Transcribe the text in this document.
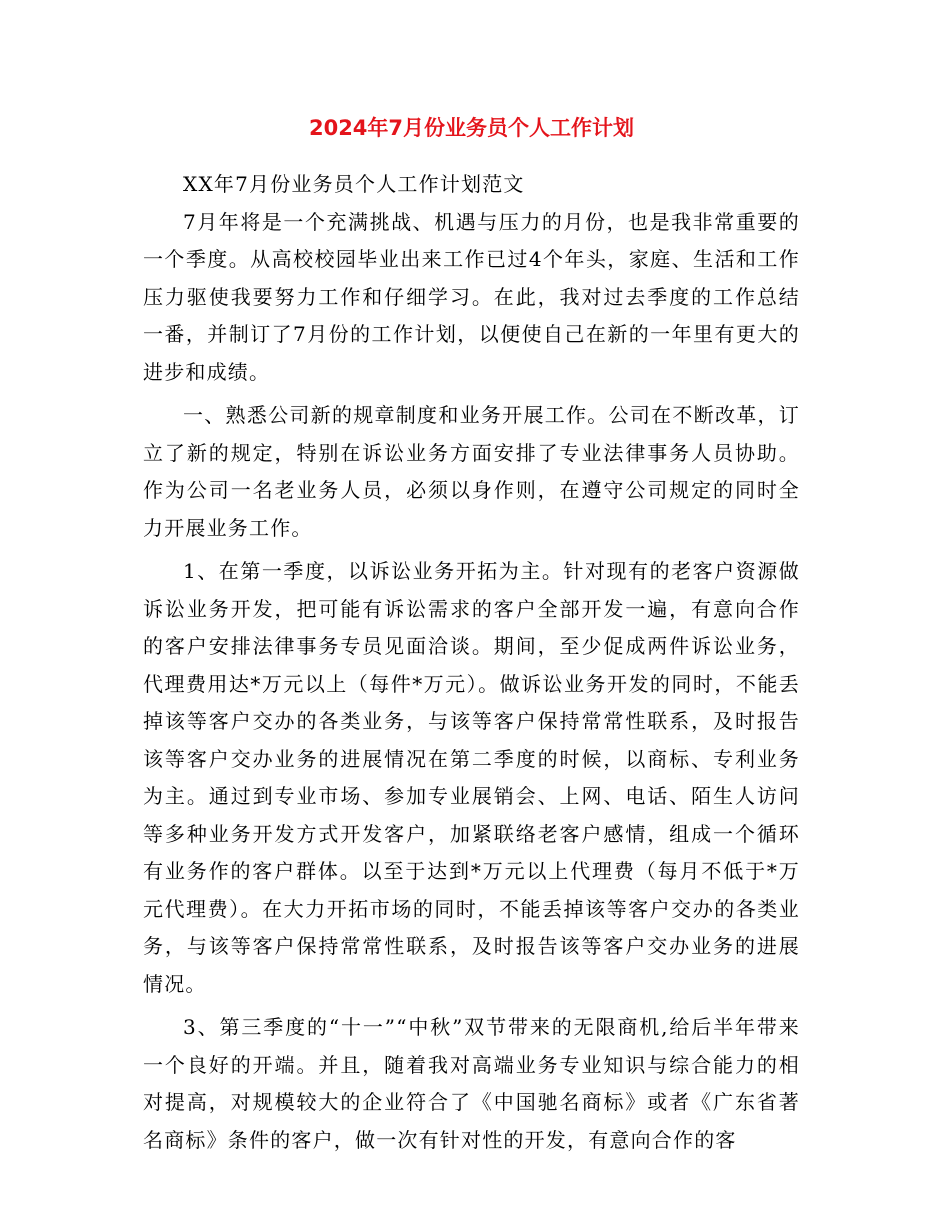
2024年7月份业务员个人工作计划

XX年7月份业务员个人工作计划范文

7月年将是一个充满挑战、机遇与压力的月份，也是我非常重要的一个季度。从高校校园毕业出来工作已过4个年头，家庭、生活和工作压力驱使我要努力工作和仔细学习。在此，我对过去季度的工作总结一番，并制订了7月份的工作计划，以便使自己在新的一年里有更大的进步和成绩。

一、熟悉公司新的规章制度和业务开展工作。公司在不断改革，订立了新的规定，特别在诉讼业务方面安排了专业法律事务人员协助。作为公司一名老业务人员，必须以身作则，在遵守公司规定的同时全力开展业务工作。

1、在第一季度，以诉讼业务开拓为主。针对现有的老客户资源做诉讼业务开发，把可能有诉讼需求的客户全部开发一遍，有意向合作的客户安排法律事务专员见面洽谈。期间，至少促成两件诉讼业务，代理费用达*万元以上（每件*万元）。做诉讼业务开发的同时，不能丢掉该等客户交办的各类业务，与该等客户保持常常性联系，及时报告该等客户交办业务的进展情况在第二季度的时候，以商标、专利业务为主。通过到专业市场、参加专业展销会、上网、电话、陌生人访问等多种业务开发方式开发客户，加紧联络老客户感情，组成一个循环有业务作的客户群体。以至于达到*万元以上代理费（每月不低于*万元代理费）。在大力开拓市场的同时，不能丢掉该等客户交办的各类业务，与该等客户保持常常性联系，及时报告该等客户交办业务的进展情况。

3、第三季度的“十一”“中秋”双节带来的无限商机,给后半年带来一个良好的开端。并且，随着我对高端业务专业知识与综合能力的相对提高，对规模较大的企业符合了《中国驰名商标》或者《广东省著名商标》条件的客户，做一次有针对性的开发，有意向合作的客
